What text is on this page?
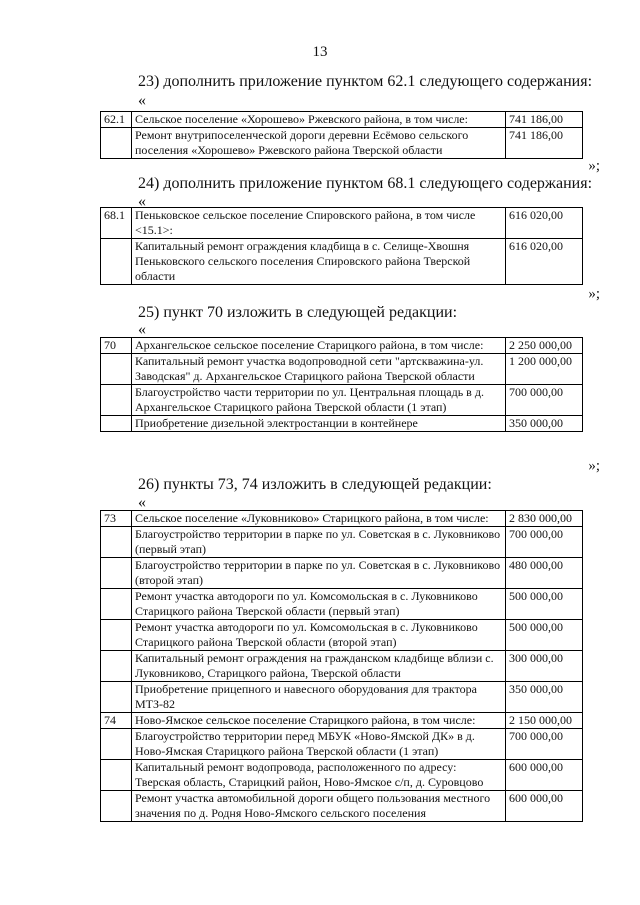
13
23) дополнить приложение пунктом 62.1 следующего содержания:
«
62.1	Сельское поселение «Хорошево» Ржевского района, в том числе:	741 186,00
	Ремонт внутрипоселенческой дороги деревни Есёмово сельского поселения «Хорошево» Ржевского района Тверской области	741 186,00
»;
24) дополнить приложение пунктом 68.1 следующего содержания:
«
68.1	Пеньковское сельское поселение Спировского района, в том числе <15.1>:	616 020,00
	Капитальный ремонт ограждения кладбища в с. Селище-Хвошня Пеньковского сельского поселения Спировского района Тверской области	616 020,00
»;
25) пункт 70 изложить в следующей редакции:
«
70	Архангельское сельское поселение Старицкого района, в том числе:	2 250 000,00
	Капитальный ремонт участка водопроводной сети "артскважина-ул. Заводская" д. Архангельское Старицкого района Тверской области	1 200 000,00
	Благоустройство части территории по ул. Центральная площадь в д. Архангельское Старицкого района Тверской области (1 этап)	700 000,00
	Приобретение дизельной электростанции в контейнере	350 000,00
»;
26) пункты 73, 74 изложить в следующей редакции:
«
73	Сельское поселение «Луковниково» Старицкого района, в том числе:	2 830 000,00
	Благоустройство территории в парке по ул. Советская в с. Луковниково (первый этап)	700 000,00
	Благоустройство территории в парке по ул. Советская в с. Луковниково (второй этап)	480 000,00
	Ремонт участка автодороги по ул. Комсомольская в с. Луковниково Старицкого района Тверской области (первый этап)	500 000,00
	Ремонт участка автодороги по ул. Комсомольская в с. Луковниково Старицкого района Тверской области (второй этап)	500 000,00
	Капитальный ремонт ограждения на гражданском кладбище вблизи с. Луковниково, Старицкого района, Тверской области	300 000,00
	Приобретение прицепного и навесного оборудования для трактора МТЗ-82	350 000,00
74	Ново-Ямское сельское поселение Старицкого района, в том числе:	2 150 000,00
	Благоустройство территории перед МБУК «Ново-Ямской ДК» в д. Ново-Ямская Старицкого района Тверской области (1 этап)	700 000,00
	Капитальный ремонт водопровода, расположенного по адресу: Тверская область, Старицкий район, Ново-Ямское с/п, д. Суровцово	600 000,00
	Ремонт участка автомобильной дороги общего пользования местного значения по д. Родня Ново-Ямского сельского поселения	600 000,00
